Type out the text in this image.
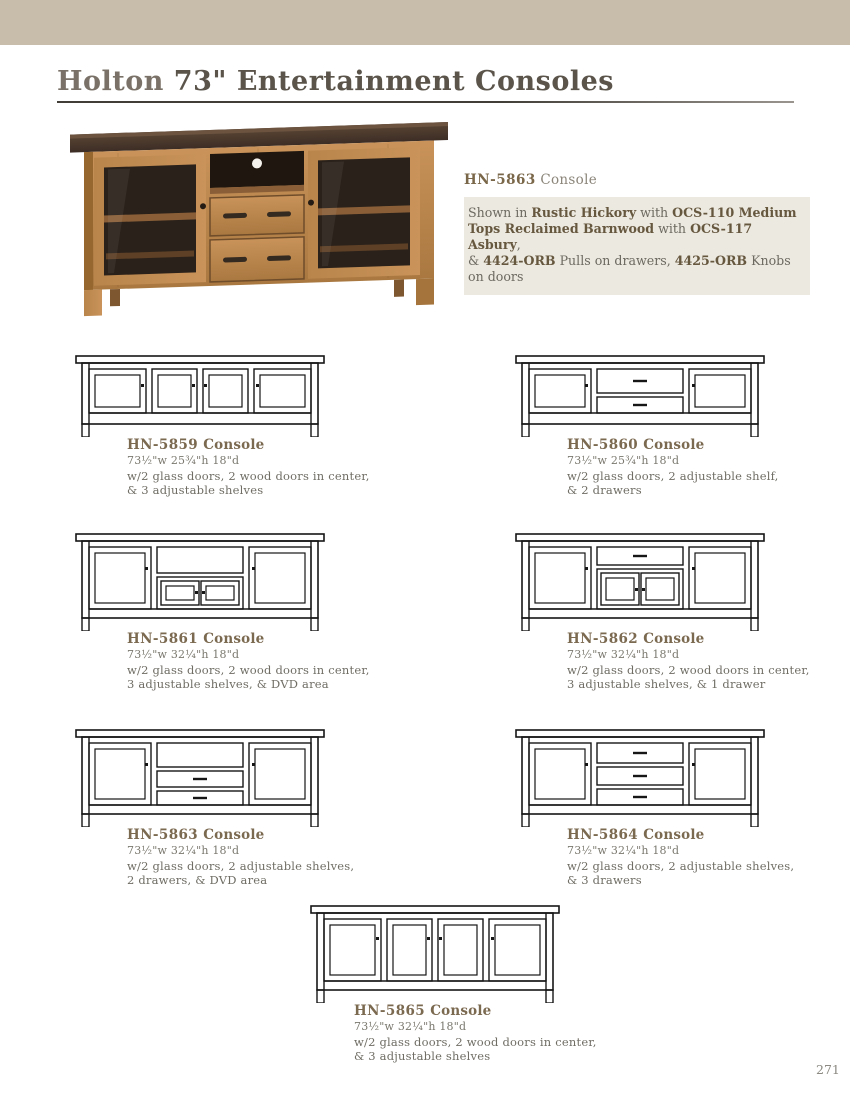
Holton 73" Entertainment Consoles
HN-5863 Console
Shown in Rustic Hickory with OCS-110 Medium
Tops Reclaimed Barnwood with OCS-117 Asbury,
& 4424-ORB Pulls on drawers, 4425-ORB Knobs on doors
HN-5859 Console
73½"w 25¾"h 18"d
w/2 glass doors, 2 wood doors in center,
& 3 adjustable shelves
HN-5860 Console
73½"w 25¾"h 18"d
w/2 glass doors, 2 adjustable shelf,
& 2 drawers
HN-5861 Console
73½"w 32¼"h 18"d
w/2 glass doors, 2 wood doors in center,
3 adjustable shelves, & DVD area
HN-5862 Console
73½"w 32¼"h 18"d
w/2 glass doors, 2 wood doors in center,
3 adjustable shelves, & 1 drawer
HN-5863 Console
73½"w 32¼"h 18"d
w/2 glass doors, 2 adjustable shelves,
2 drawers, & DVD area
HN-5864 Console
73½"w 32¼"h 18"d
w/2 glass doors, 2 adjustable shelves,
& 3 drawers
HN-5865 Console
73½"w 32¼"h 18"d
w/2 glass doors, 2 wood doors in center,
& 3 adjustable shelves
271
